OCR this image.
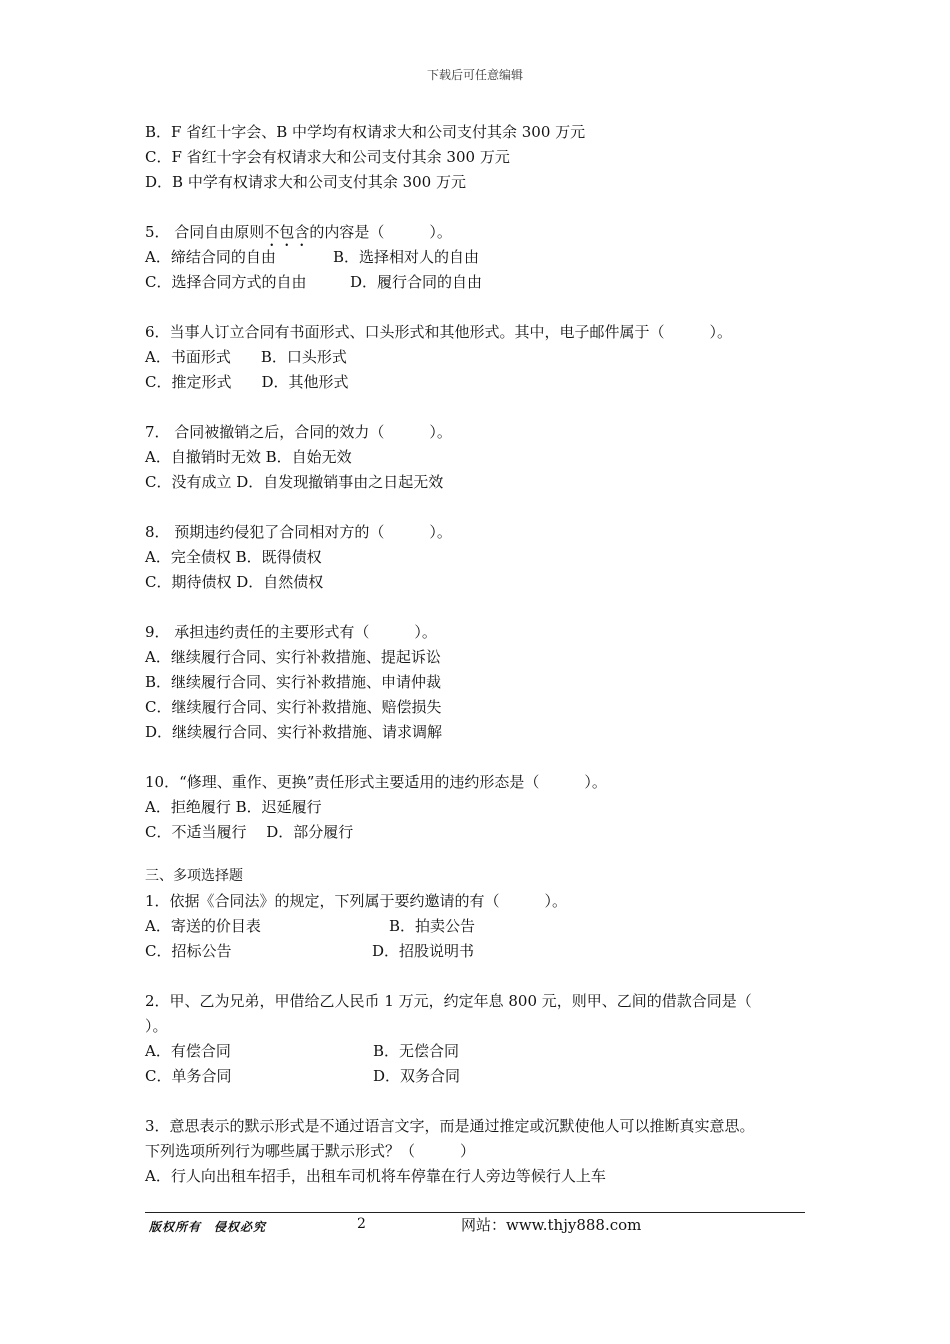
下载后可任意编辑
B．F 省红十字会、B 中学均有权请求大和公司支付其余 300 万元
C．F 省红十字会有权请求大和公司支付其余 300 万元
D．B 中学有权请求大和公司支付其余 300 万元
5． 合同自由原则不包含的内容是（　　　）。
A．缔结合同的自由	B．选择相对人的自由
C．选择合同方式的自由	D．履行合同的自由
6．当事人订立合同有书面形式、口头形式和其他形式。其中，电子邮件属于（　　　）。
A．书面形式　　B．口头形式
C．推定形式　　D．其他形式
7． 合同被撤销之后，合同的效力（　　　）。
A．自撤销时无效 B．自始无效
C．没有成立 D．自发现撤销事由之日起无效
8． 预期违约侵犯了合同相对方的（　　　）。
A．完全债权 B．既得债权
C．期待债权 D．自然债权
9． 承担违约责任的主要形式有（　　　）。
A．继续履行合同、实行补救措施、提起诉讼
B．继续履行合同、实行补救措施、申请仲裁
C．继续履行合同、实行补救措施、赔偿损失
D．继续履行合同、实行补救措施、请求调解
10．“修理、重作、更换”责任形式主要适用的违约形态是（　　　）。
A．拒绝履行 B．迟延履行
C．不适当履行　 D．部分履行
三、多项选择题
1．依据《合同法》的规定，下列属于要约邀请的有（　　　）。
A．寄送的价目表	B．拍卖公告
C．招标公告	D．招股说明书
2．甲、乙为兄弟，甲借给乙人民币 1 万元，约定年息 800 元，则甲、乙间的借款合同是（
）。
A．有偿合同	B．无偿合同
C．单务合同	D．双务合同
3．意思表示的默示形式是不通过语言文字，而是通过推定或沉默使他人可以推断真实意思。
下列选项所列行为哪些属于默示形式？（　　　）
A．行人向出租车招手，出租车司机将车停靠在行人旁边等候行人上车
版权所有　侵权必究	2	网站：www.thjy888.com
